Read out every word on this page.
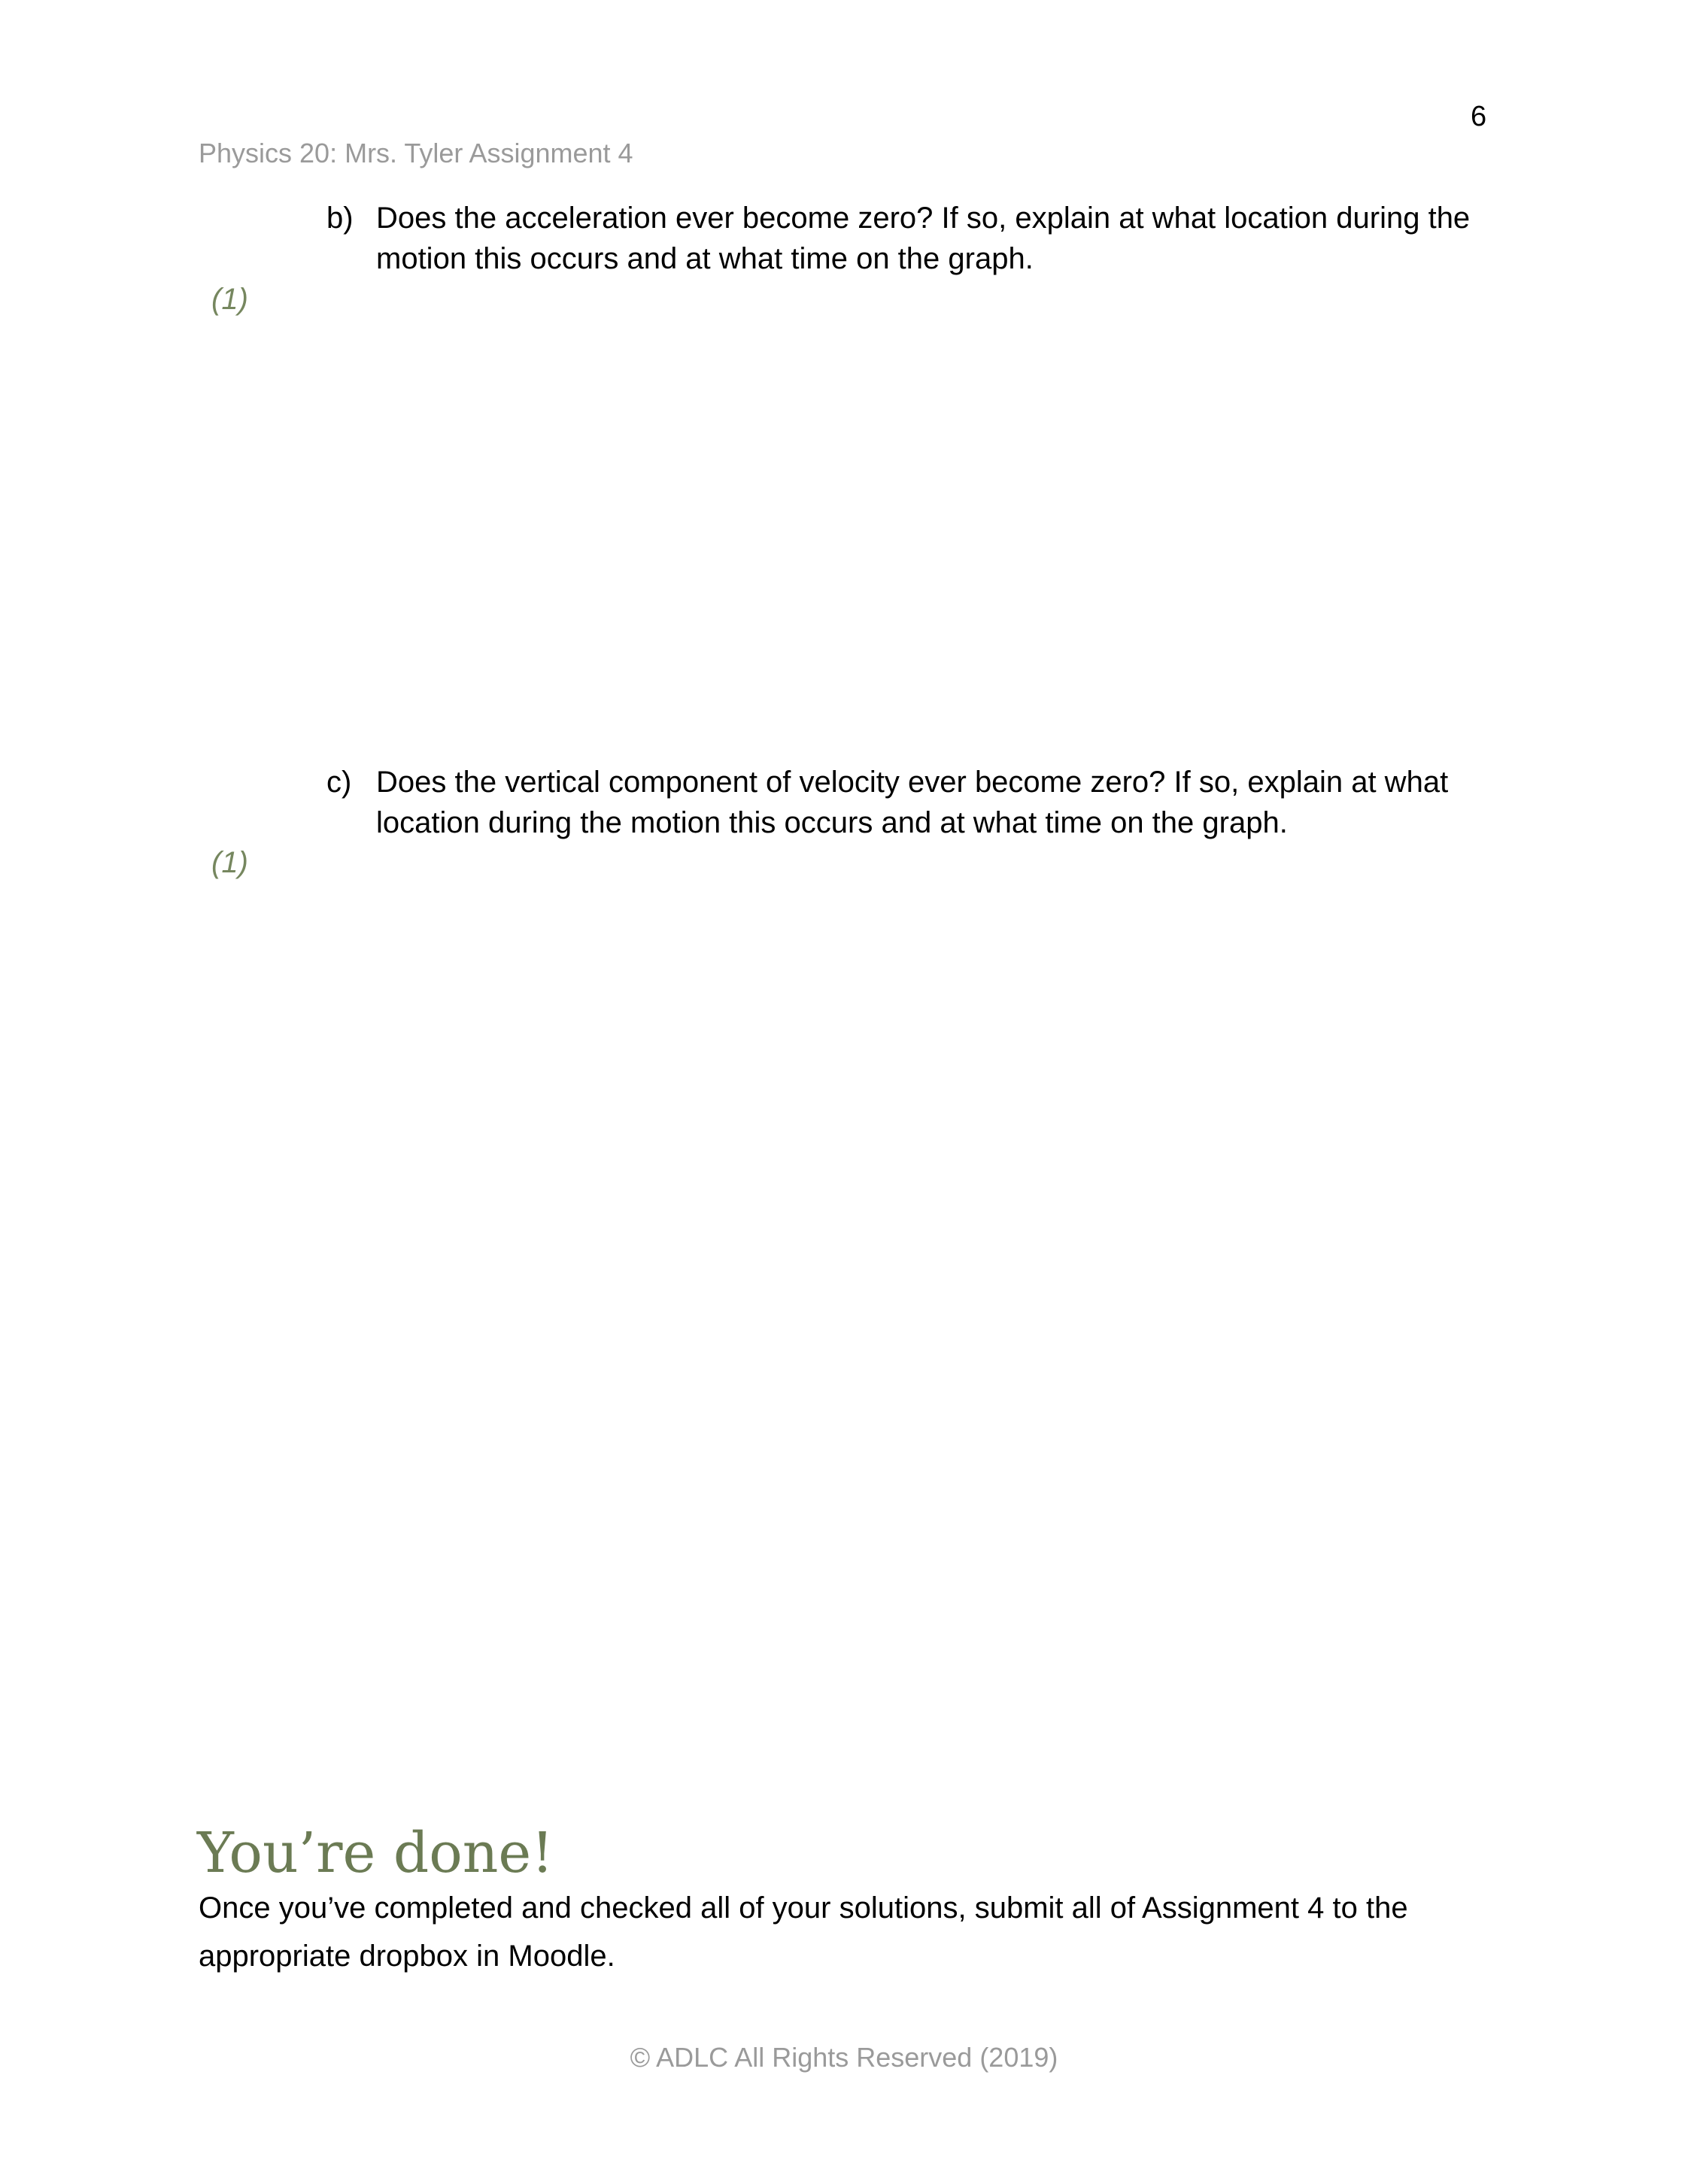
6
Physics 20: Mrs. Tyler Assignment 4
b) Does the acceleration ever become zero? If so, explain at what location during the motion this occurs and at what time on the graph.
(1)
c) Does the vertical component of velocity ever become zero? If so, explain at what location during the motion this occurs and at what time on the graph.
(1)
You’re done!

Once you’ve completed and checked all of your solutions, submit all of Assignment 4 to the appropriate dropbox in Moodle.

© ADLC All Rights Reserved (2019)
